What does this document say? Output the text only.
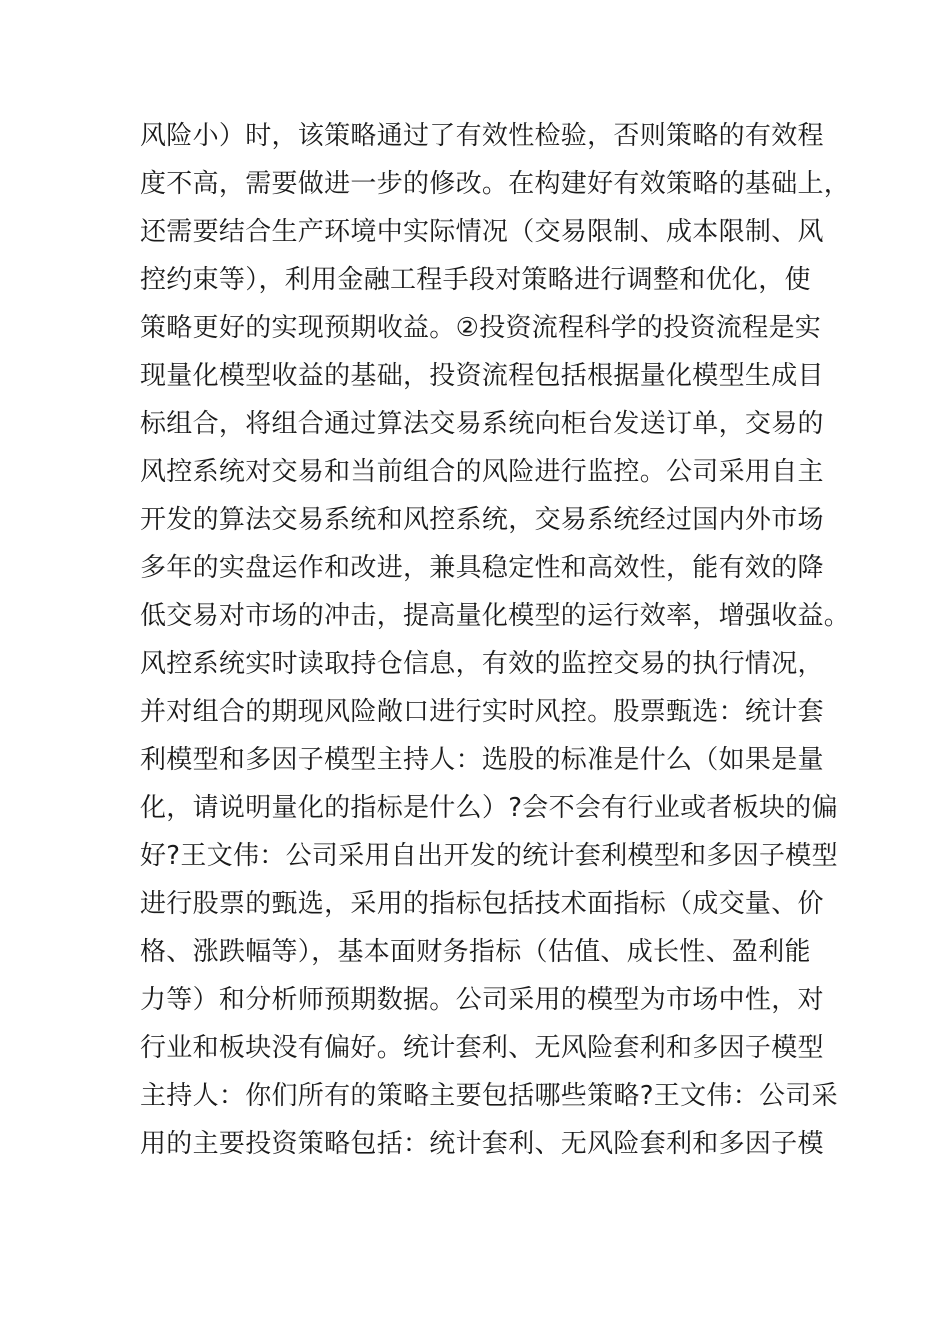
风险小）时，该策略通过了有效性检验，否则策略的有效程
度不高，需要做进一步的修改。在构建好有效策略的基础上，
还需要结合生产环境中实际情况（交易限制、成本限制、风
控约束等），利用金融工程手段对策略进行调整和优化，使
策略更好的实现预期收益。②投资流程科学的投资流程是实
现量化模型收益的基础，投资流程包括根据量化模型生成目
标组合，将组合通过算法交易系统向柜台发送订单，交易的
风控系统对交易和当前组合的风险进行监控。公司采用自主
开发的算法交易系统和风控系统，交易系统经过国内外市场
多年的实盘运作和改进，兼具稳定性和高效性，能有效的降
低交易对市场的冲击，提高量化模型的运行效率，增强收益。
风控系统实时读取持仓信息，有效的监控交易的执行情况，
并对组合的期现风险敞口进行实时风控。股票甄选：统计套
利模型和多因子模型主持人：选股的标准是什么（如果是量
化，请说明量化的指标是什么）?会不会有行业或者板块的偏
好?王文伟：公司采用自出开发的统计套利模型和多因子模型
进行股票的甄选，采用的指标包括技术面指标（成交量、价
格、涨跌幅等），基本面财务指标（估值、成长性、盈利能
力等）和分析师预期数据。公司采用的模型为市场中性，对
行业和板块没有偏好。统计套利、无风险套利和多因子模型
主持人：你们所有的策略主要包括哪些策略?王文伟：公司采
用的主要投资策略包括：统计套利、无风险套利和多因子模
